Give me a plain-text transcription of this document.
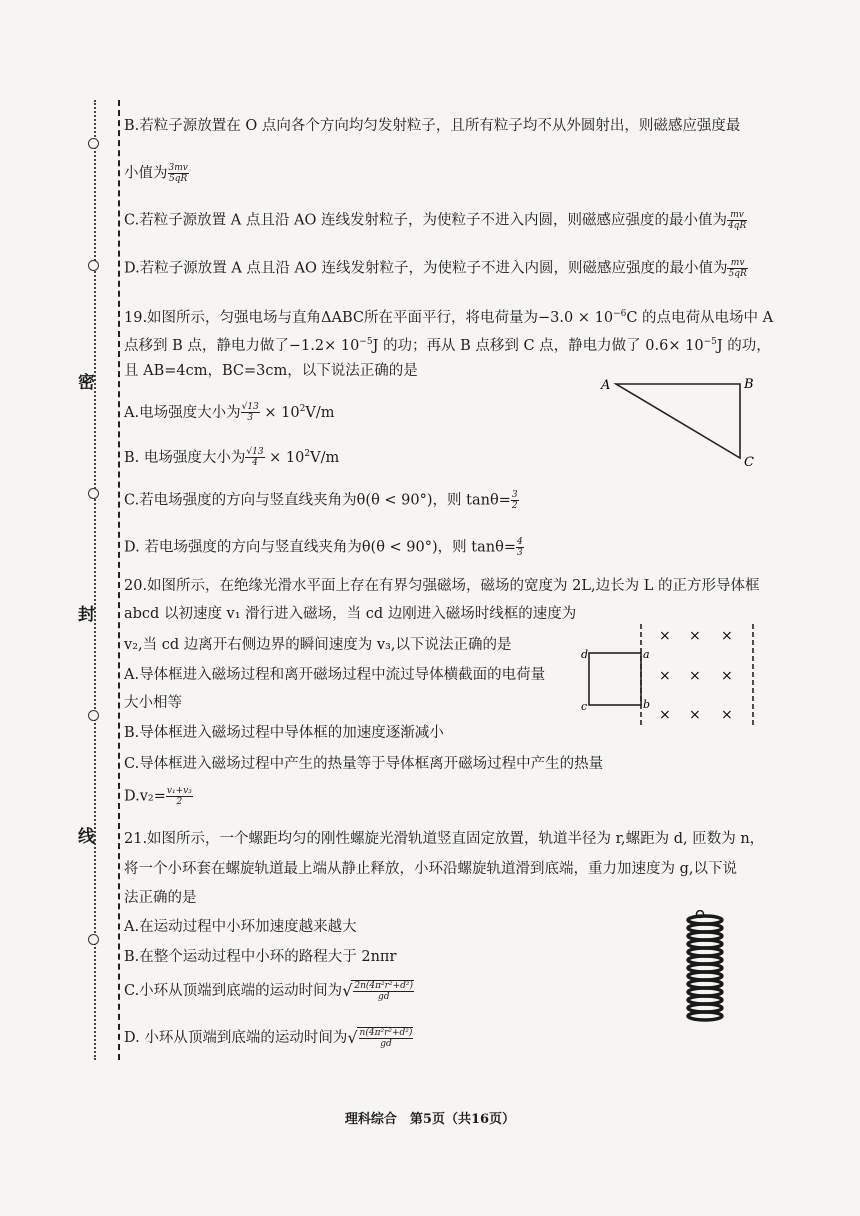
密
封
线
B.若粒子源放置在 O 点向各个方向均匀发射粒子，且所有粒子均不从外圆射出，则磁感应强度最
小值为 $\frac{3mv}{5qR}$
C.若粒子源放置 A 点且沿 AO 连线发射粒子，为使粒子不进入内圆，则磁感应强度的最小值为 $\frac{mv}{4qR}$
D.若粒子源放置 A 点且沿 AO 连线发射粒子，为使粒子不进入内圆，则磁感应强度的最小值为 $\frac{mv}{5qR}$
19.如图所示，匀强电场与直角ΔABC所在平面平行，将电荷量为$-3.0 \times 10^{-6}C$ 的点电荷从电场中 A
点移到 B 点，静电力做了$-1.2\times 10^{-5}J$ 的功；再从 B 点移到 C 点，静电力做了 $0.6\times 10^{-5}J$ 的功，
且 AB=4cm，BC=3cm，以下说法正确的是
A.电场强度大小为 $\frac{√13}{3} \times 10^2V/m$
B. 电场强度大小为 $\frac{√13}{4} \times 10^2V/m$
C.若电场强度的方向与竖直线夹角为θ(θ < 90°)，则 $\tan\theta= \frac{3}{2}$
D. 若电场强度的方向与竖直线夹角为θ(θ < 90°)，则 $\tan\theta= \frac{4}{3}$
A	B
C
20.如图所示，在绝缘光滑水平面上存在有界匀强磁场，磁场的宽度为 2L,边长为 L 的正方形导体框
abcd 以初速度 v₁ 滑行进入磁场，当 cd 边刚进入磁场时线框的速度为
v₂,当 cd 边离开右侧边界的瞬间速度为 v₃,以下说法正确的是
A.导体框进入磁场过程和离开磁场过程中流过导体横截面的电荷量
大小相等
B.导体框进入磁场过程中导体框的加速度逐渐减小
C.导体框进入磁场过程中产生的热量等于导体框离开磁场过程中产生的热量
$D.v_2= \frac{\text{v₁+v₃}}{2}$
d	a
b
c
× × ×
× × ×
× × ×
21.如图所示，一个螺距均匀的刚性螺旋光滑轨道竖直固定放置，轨道半径为 r,螺距为 d, 匝数为 n，
将一个小环套在螺旋轨道最上端从静止释放，小环沿螺旋轨道滑到底端，重力加速度为 g,以下说
法正确的是
A.在运动过程中小环加速度越来越大
B.在整个运动过程中小环的路程大于 2nπr
C.小环从顶端到底端的运动时间为√ $\frac{\text{2n(4π²r²+d²)}}{gd}$
D. 小环从顶端到底端的运动时间为√ $\frac{\text{n(4π²r²+d²)}}{gd}$
理科综合　第5页（共16页）
